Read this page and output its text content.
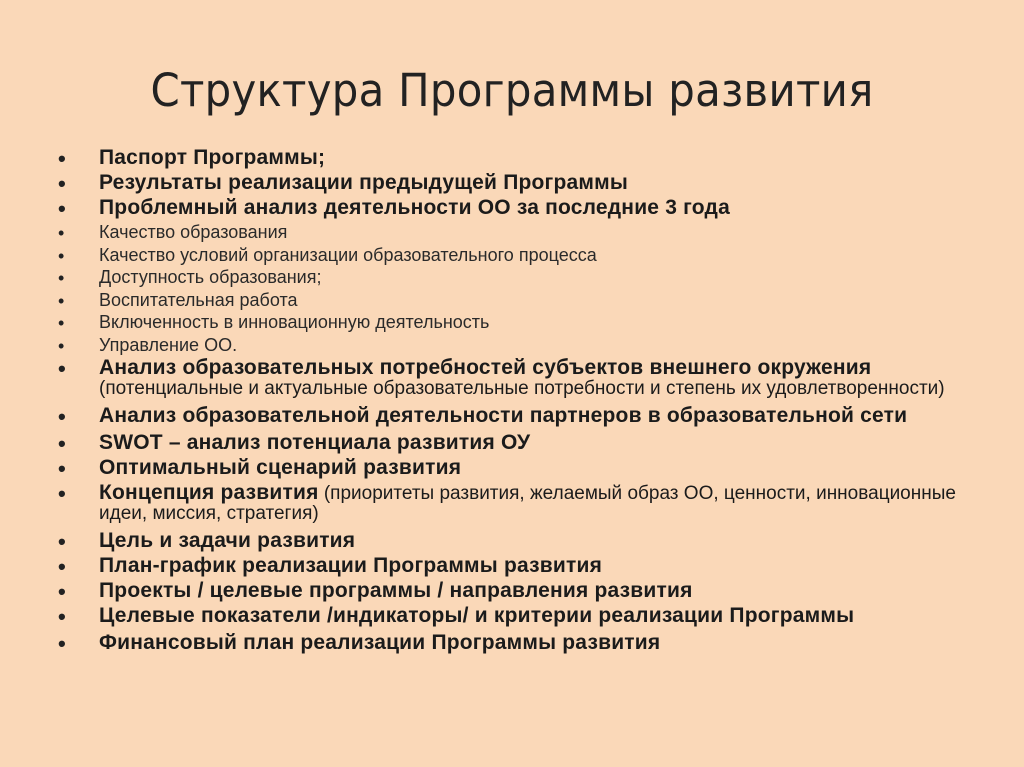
Структура Программы развития
• Паспорт Программы;
• Результаты реализации предыдущей Программы
• Проблемный анализ деятельности ОО за последние 3 года
• Качество образования
• Качество условий организации образовательного процесса
• Доступность образования;
• Воспитательная работа
• Включенность в инновационную деятельность
• Управление ОО.
• Анализ образовательных потребностей субъектов внешнего окружения (потенциальные и актуальные образовательные потребности и степень их удовлетворенности)
• Анализ образовательной деятельности партнеров в образовательной сети
• SWOT – анализ потенциала развития ОУ
• Оптимальный сценарий развития
• Концепция развития (приоритеты развития, желаемый образ ОО, ценности, инновационные идеи, миссия, стратегия)
• Цель и задачи развития
• План-график реализации Программы развития
• Проекты / целевые программы / направления развития
• Целевые показатели /индикаторы/ и критерии реализации Программы
• Финансовый план реализации Программы развития
